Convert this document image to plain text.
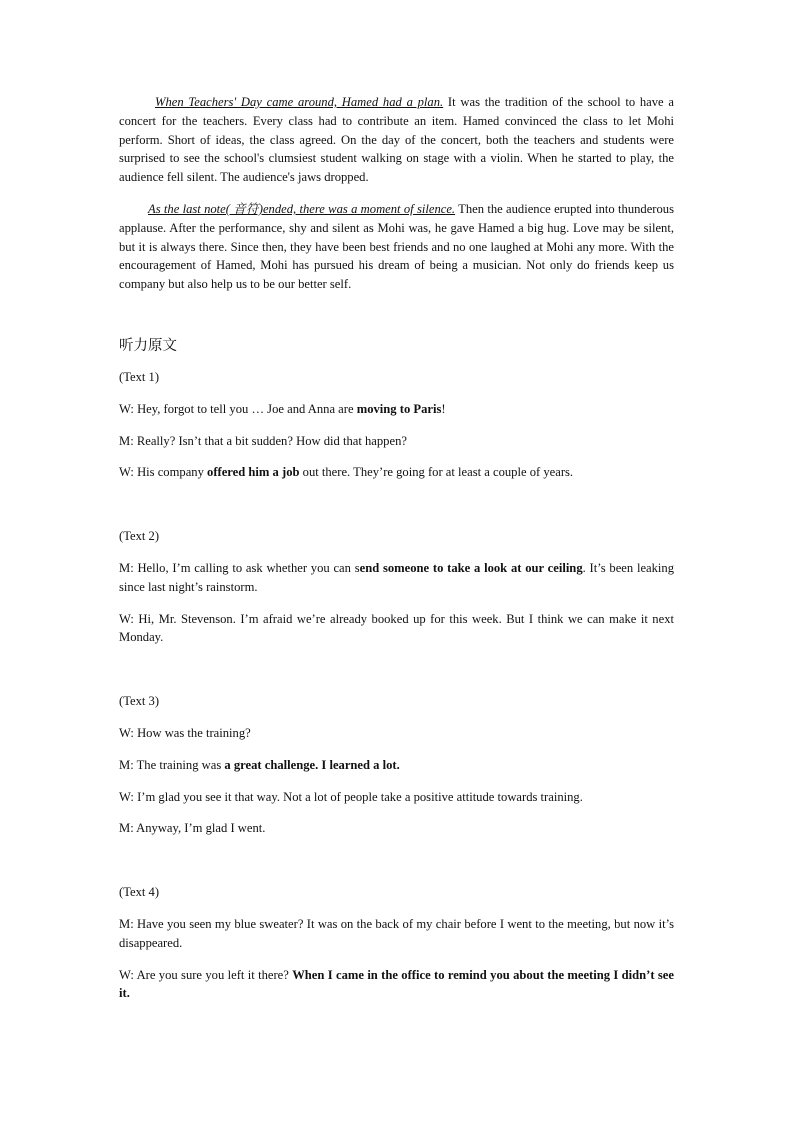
When Teachers' Day came around, Hamed had a plan. It was the tradition of the school to have a concert for the teachers. Every class had to contribute an item. Hamed convinced the class to let Mohi perform. Short of ideas, the class agreed. On the day of the concert, both the teachers and students were surprised to see the school's clumsiest student walking on stage with a violin. When he started to play, the audience fell silent. The audience's jaws dropped.

As the last note( 音符)ended, there was a moment of silence. Then the audience erupted into thunderous applause. After the performance, shy and silent as Mohi was, he gave Hamed a big hug. Love may be silent, but it is always there. Since then, they have been best friends and no one laughed at Mohi any more. With the encouragement of Hamed, Mohi has pursued his dream of being a musician. Not only do friends keep us company but also help us to be our better self.

听力原文

(Text 1)

W: Hey, forgot to tell you … Joe and Anna are moving to Paris!

M: Really? Isn’t that a bit sudden? How did that happen?

W: His company offered him a job out there. They’re going for at least a couple of years.

(Text 2)

M: Hello, I’m calling to ask whether you can send someone to take a look at our ceiling. It’s been leaking since last night’s rainstorm.

W: Hi, Mr. Stevenson. I’m afraid we’re already booked up for this week. But I think we can make it next Monday.

(Text 3)

W: How was the training?

M: The training was a great challenge. I learned a lot.

W: I’m glad you see it that way. Not a lot of people take a positive attitude towards training.

M: Anyway, I’m glad I went.

(Text 4)

M: Have you seen my blue sweater? It was on the back of my chair before I went to the meeting, but now it’s disappeared.

W: Are you sure you left it there? When I came in the office to remind you about the meeting I didn’t see it.
